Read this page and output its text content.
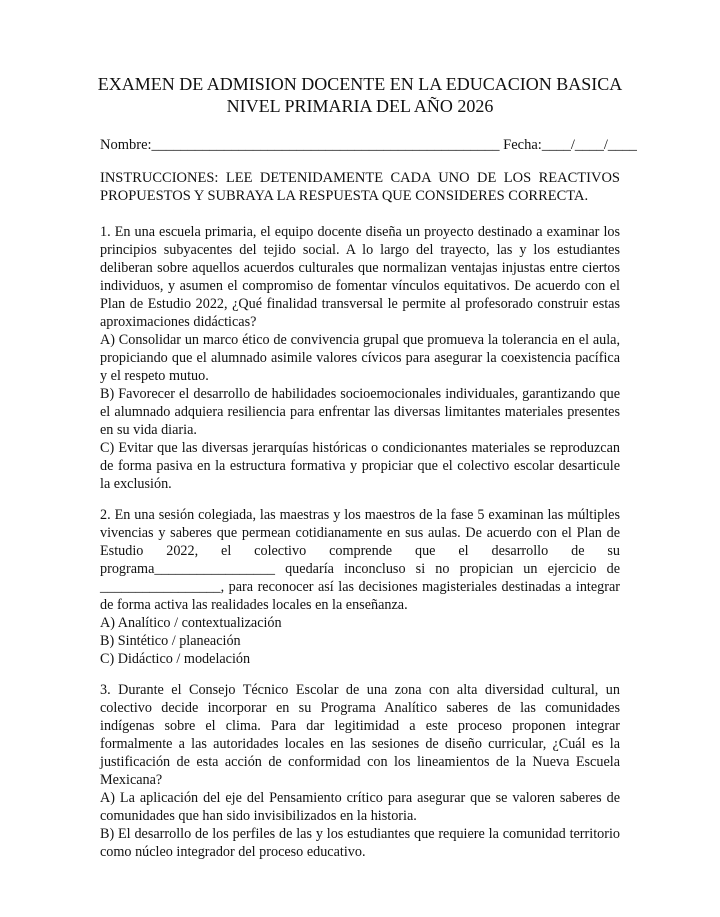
EXAMEN DE ADMISION DOCENTE EN LA EDUCACION BASICA
NIVEL PRIMARIA DEL AÑO 2026
Nombre:________________________________________________ Fecha:____/____/____
INSTRUCCIONES: LEE DETENIDAMENTE CADA UNO DE LOS REACTIVOS PROPUESTOS Y SUBRAYA LA RESPUESTA QUE CONSIDERES CORRECTA.

1. En una escuela primaria, el equipo docente diseña un proyecto destinado a examinar los principios subyacentes del tejido social. A lo largo del trayecto, las y los estudiantes deliberan sobre aquellos acuerdos culturales que normalizan ventajas injustas entre ciertos individuos, y asumen el compromiso de fomentar vínculos equitativos. De acuerdo con el Plan de Estudio 2022, ¿Qué finalidad transversal le permite al profesorado construir estas aproximaciones didácticas?

A) Consolidar un marco ético de convivencia grupal que promueva la tolerancia en el aula, propiciando que el alumnado asimile valores cívicos para asegurar la coexistencia pacífica y el respeto mutuo.
B) Favorecer el desarrollo de habilidades socioemocionales individuales, garantizando que el alumnado adquiera resiliencia para enfrentar las diversas limitantes materiales presentes en su vida diaria.
C) Evitar que las diversas jerarquías históricas o condicionantes materiales se reproduzcan de forma pasiva en la estructura formativa y propiciar que el colectivo escolar desarticule la exclusión.

2. En una sesión colegiada, las maestras y los maestros de la fase 5 examinan las múltiples vivencias y saberes que permean cotidianamente en sus aulas. De acuerdo con el Plan de Estudio 2022, el colectivo comprende que el desarrollo de su programa_________________ quedaría inconcluso si no propician un ejercicio de _________________, para reconocer así las decisiones magisteriales destinadas a integrar de forma activa las realidades locales en la enseñanza.

A) Analítico / contextualización
B) Sintético / planeación
C) Didáctico / modelación

3. Durante el Consejo Técnico Escolar de una zona con alta diversidad cultural, un colectivo decide incorporar en su Programa Analítico saberes de las comunidades indígenas sobre el clima. Para dar legitimidad a este proceso proponen integrar formalmente a las autoridades locales en las sesiones de diseño curricular, ¿Cuál es la justificación de esta acción de conformidad con los lineamientos de la Nueva Escuela Mexicana?

A) La aplicación del eje del Pensamiento crítico para asegurar que se valoren saberes de comunidades que han sido invisibilizados en la historia.
B) El desarrollo de los perfiles de las y los estudiantes que requiere la comunidad territorio como núcleo integrador del proceso educativo.
